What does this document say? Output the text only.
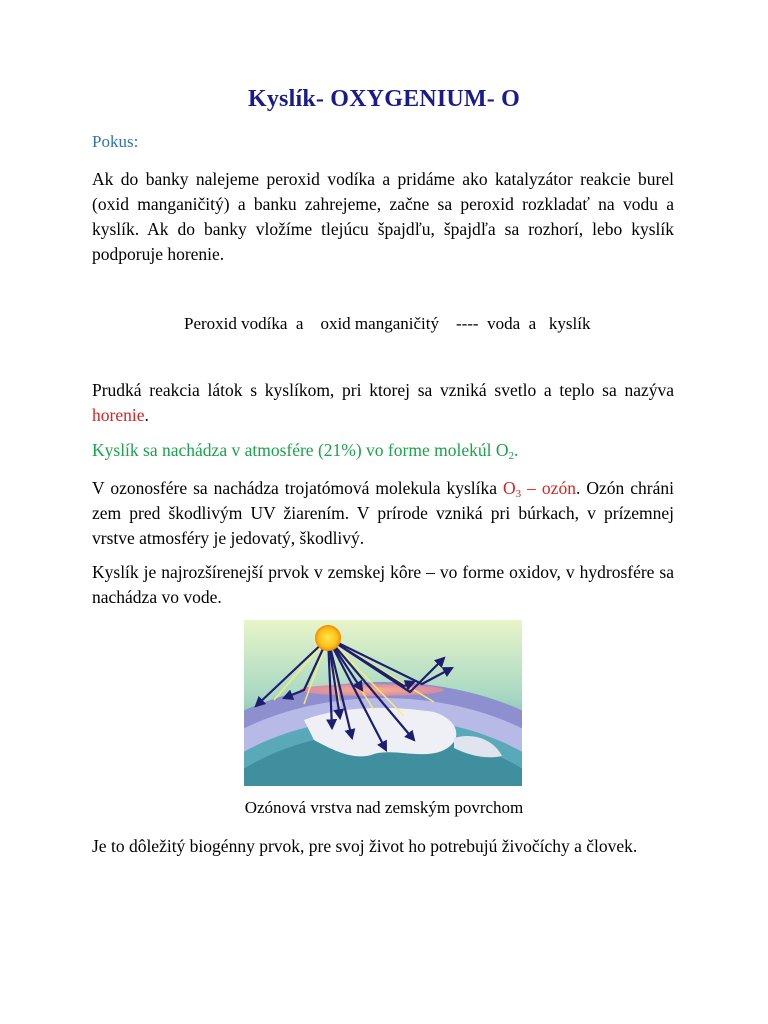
Kyslík- OXYGENIUM- O
Pokus:

Ak do banky nalejeme peroxid vodíka a pridáme ako katalyzátor reakcie burel (oxid manganičitý) a banku zahrejeme, začne sa peroxid rozkladať na vodu a kyslík. Ak do banky vložíme tlejúcu špajdľu, špajdľa sa rozhorí, lebo kyslík podporuje horenie.

Peroxid vodíka  a    oxid manganičitý    ----  voda  a   kyslík

Prudká reakcia látok s kyslíkom, pri ktorej sa vzniká svetlo a teplo sa nazýva horenie.

Kyslík sa nachádza v atmosfére (21%) vo forme molekúl $O_2$.

V ozonosfére sa nachádza trojatómová molekula kyslíka $O_3$ – ozón. Ozón chráni zem pred škodlivým UV žiarením. V prírode vzniká pri búrkach, v prízemnej vrstve atmosféry je jedovatý, škodlivý.

Kyslík je najrozšírenejší prvok v zemskej kôre – vo forme oxidov, v hydrosfére sa nachádza vo vode.

Ozónová vrstva nad zemským povrchom

Je to dôležitý biogénny prvok, pre svoj život ho potrebujú živočíchy a človek.
